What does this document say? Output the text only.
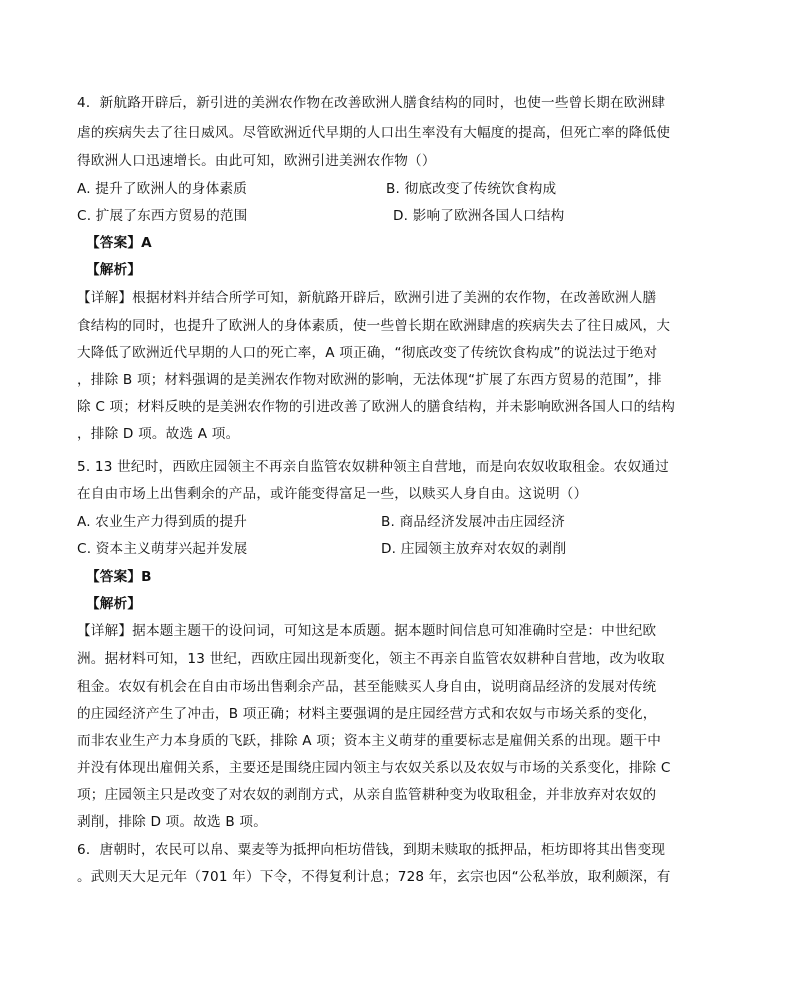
4．新航路开辟后，新引进的美洲农作物在改善欧洲人膳食结构的同时，也使一些曾长期在欧洲肆
虐的疾病失去了往日威风。尽管欧洲近代早期的人口出生率没有大幅度的提高，但死亡率的降低使
得欧洲人口迅速增长。由此可知，欧洲引进美洲农作物（）
A. 提升了欧洲人的身体素质	B. 彻底改变了传统饮食构成
C. 扩展了东西方贸易的范围	D. 影响了欧洲各国人口结构
【答案】A
【解析】
【详解】根据材料并结合所学可知，新航路开辟后，欧洲引进了美洲的农作物，在改善欧洲人膳
食结构的同时，也提升了欧洲人的身体素质，使一些曾长期在欧洲肆虐的疾病失去了往日威风，大
大降低了欧洲近代早期的人口的死亡率，A 项正确，“彻底改变了传统饮食构成”的说法过于绝对
，排除 B 项；材料强调的是美洲农作物对欧洲的影响，无法体现“扩展了东西方贸易的范围”，排
除 C 项；材料反映的是美洲农作物的引进改善了欧洲人的膳食结构，并未影响欧洲各国人口的结构
，排除 D 项。故选 A 项。
5. 13 世纪时，西欧庄园领主不再亲自监管农奴耕种领主自营地，而是向农奴收取租金。农奴通过
在自由市场上出售剩余的产品，或许能变得富足一些，以赎买人身自由。这说明（）
A. 农业生产力得到质的提升	B. 商品经济发展冲击庄园经济
C. 资本主义萌芽兴起并发展	D. 庄园领主放弃对农奴的剥削
【答案】B
【解析】
【详解】据本题主题干的设问词，可知这是本质题。据本题时间信息可知准确时空是：中世纪欧
洲。据材料可知，13 世纪，西欧庄园出现新变化，领主不再亲自监管农奴耕种自营地，改为收取
租金。农奴有机会在自由市场出售剩余产品，甚至能赎买人身自由，说明商品经济的发展对传统
的庄园经济产生了冲击，B 项正确；材料主要强调的是庄园经营方式和农奴与市场关系的变化，
而非农业生产力本身质的飞跃，排除 A 项；资本主义萌芽的重要标志是雇佣关系的出现。题干中
并没有体现出雇佣关系，主要还是围绕庄园内领主与农奴关系以及农奴与市场的关系变化，排除 C
项；庄园领主只是改变了对农奴的剥削方式，从亲自监管耕种变为收取租金，并非放弃对农奴的
剥削，排除 D 项。故选 B 项。
6．唐朝时，农民可以帛、粟麦等为抵押向柜坊借钱，到期未赎取的抵押品，柜坊即将其出售变现
。武则天大足元年（701 年）下令，不得复利计息；728 年，玄宗也因“公私举放，取利颇深，有
